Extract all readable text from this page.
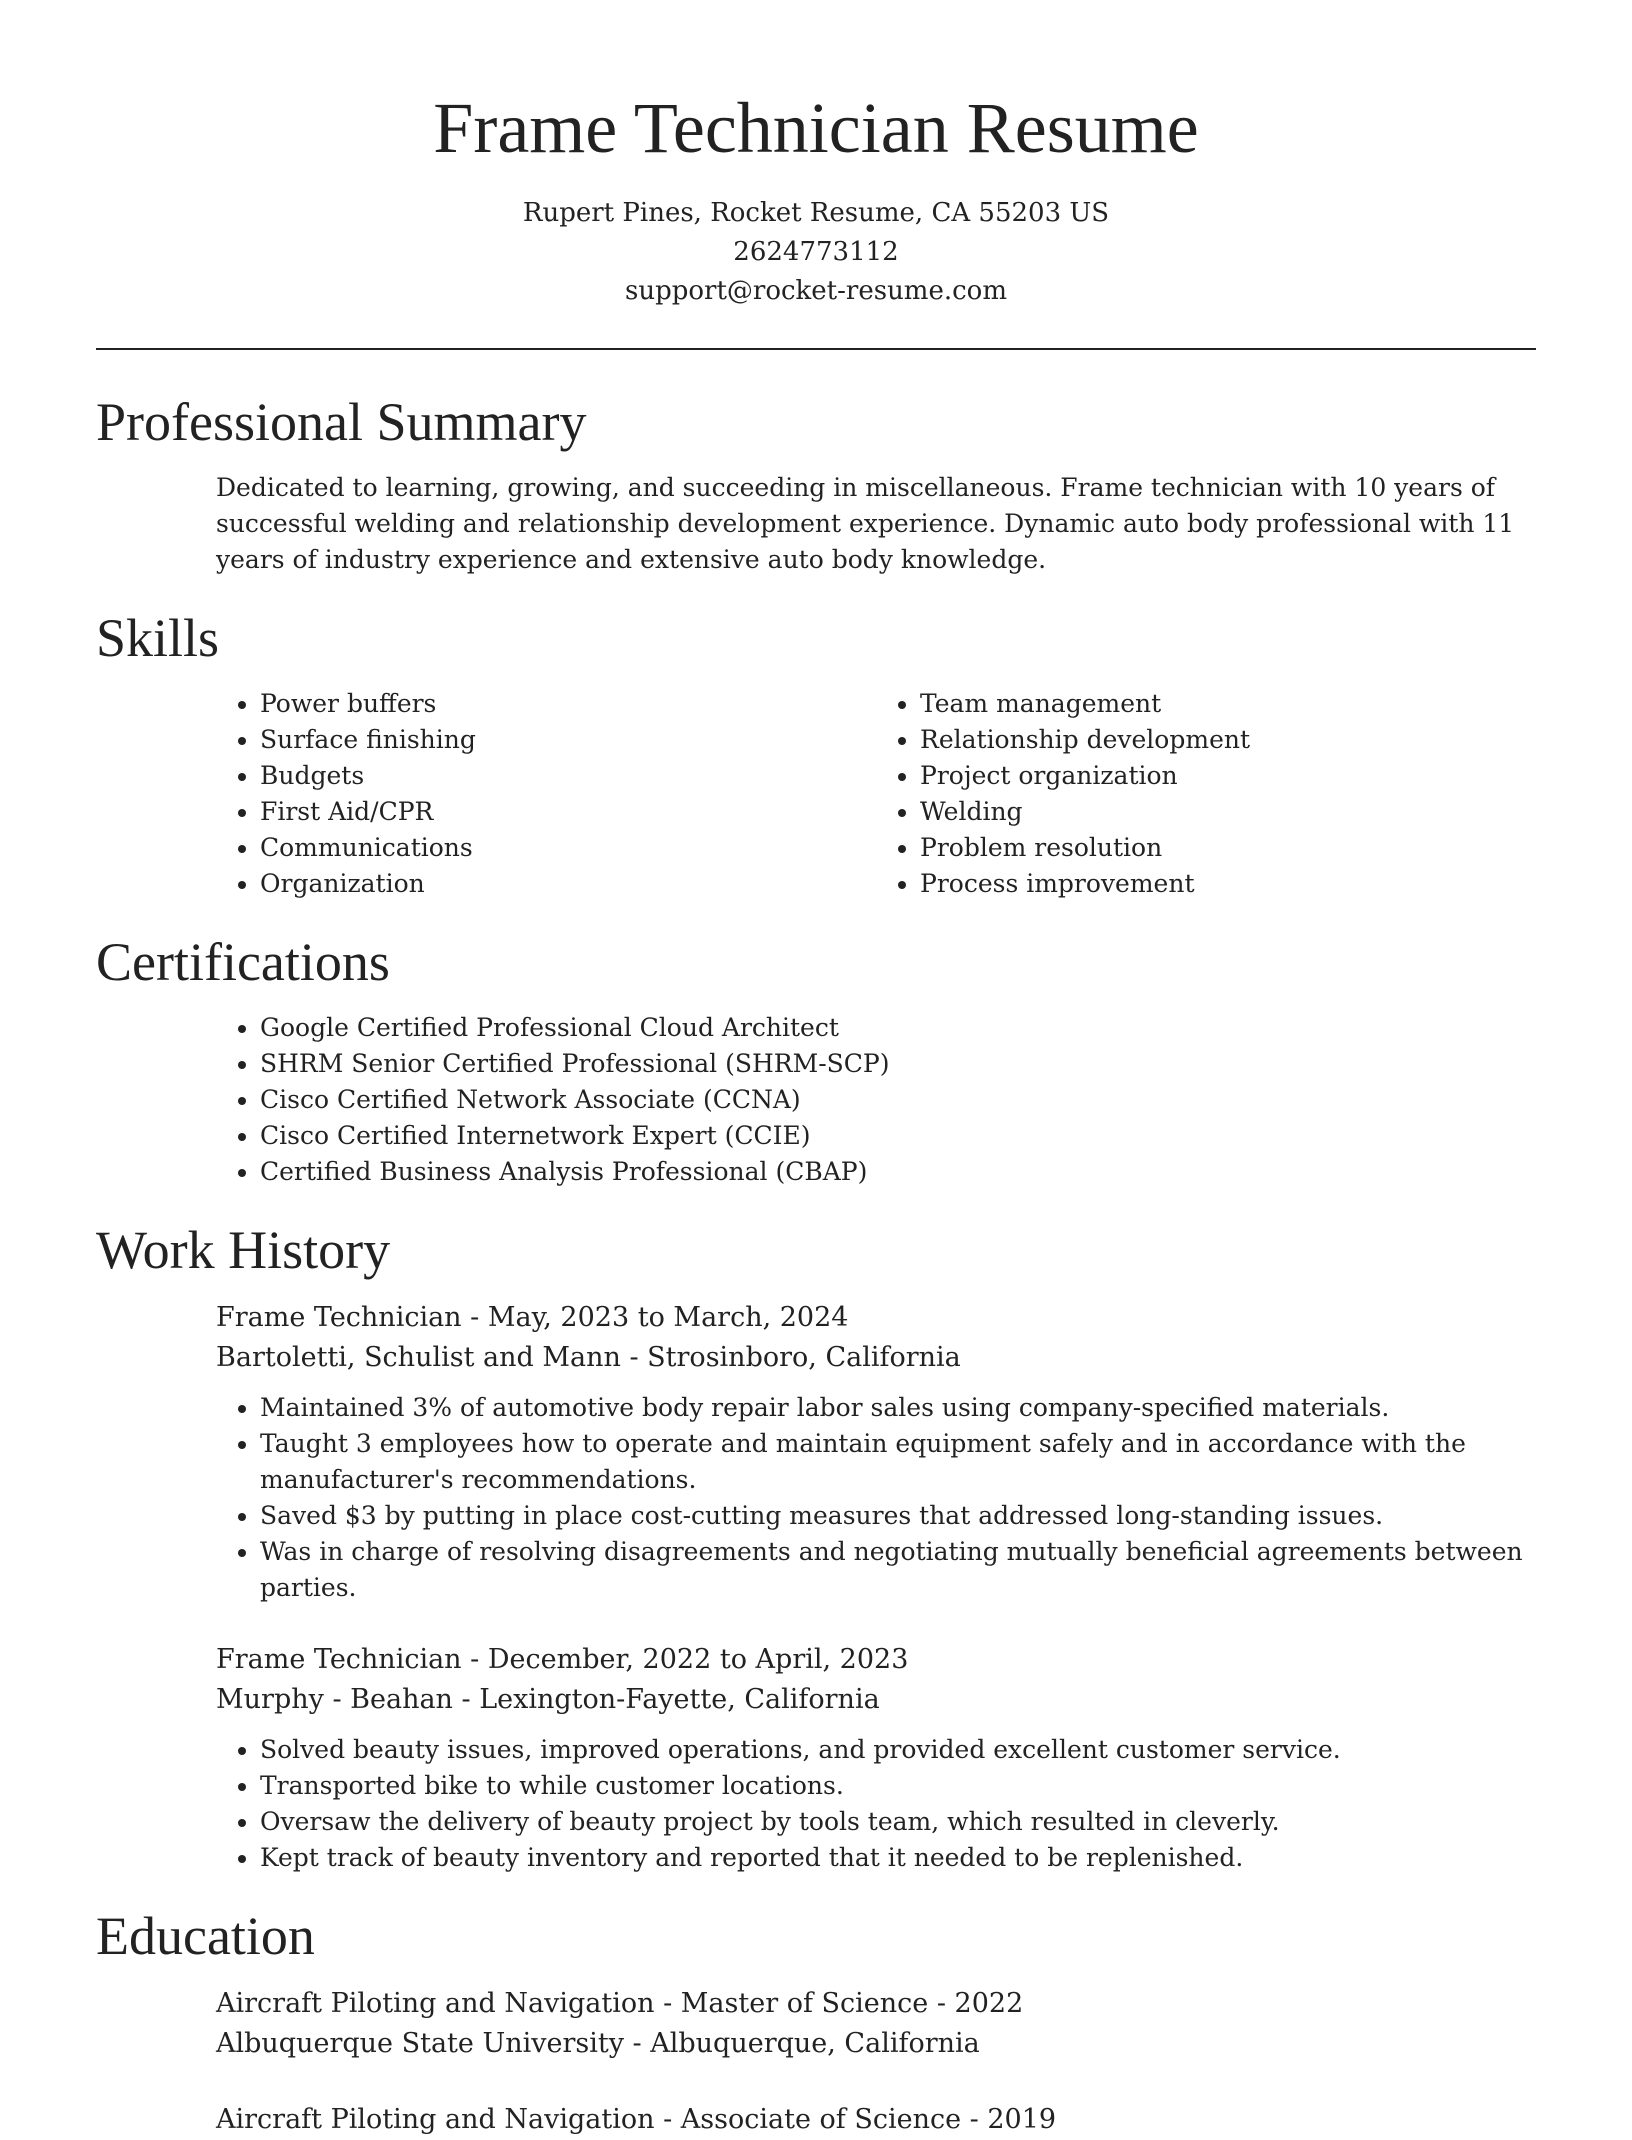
Frame Technician Resume
Rupert Pines, Rocket Resume, CA 55203 US
2624773112
support@rocket-resume.com
Professional Summary

Dedicated to learning, growing, and succeeding in miscellaneous. Frame technician with 10 years of successful welding and relationship development experience. Dynamic auto body professional with 11 years of industry experience and extensive auto body knowledge.

Skills
• Power buffers
• Surface finishing
• Budgets
• First Aid/CPR
• Communications
• Organization
• Team management
• Relationship development
• Project organization
• Welding
• Problem resolution
• Process improvement
Certifications
• Google Certified Professional Cloud Architect
• SHRM Senior Certified Professional (SHRM-SCP)
• Cisco Certified Network Associate (CCNA)
• Cisco Certified Internetwork Expert (CCIE)
• Certified Business Analysis Professional (CBAP)
Work History
Frame Technician - May, 2023 to March, 2024
Bartoletti, Schulist and Mann - Strosinboro, California
• Maintained 3% of automotive body repair labor sales using company-specified materials.
• Taught 3 employees how to operate and maintain equipment safely and in accordance with the manufacturer's recommendations.
• Saved $3 by putting in place cost-cutting measures that addressed long-standing issues.
• Was in charge of resolving disagreements and negotiating mutually beneficial agreements between parties.
Frame Technician - December, 2022 to April, 2023
Murphy - Beahan - Lexington-Fayette, California
• Solved beauty issues, improved operations, and provided excellent customer service.
• Transported bike to while customer locations.
• Oversaw the delivery of beauty project by tools team, which resulted in cleverly.
• Kept track of beauty inventory and reported that it needed to be replenished.
Education
Aircraft Piloting and Navigation - Master of Science - 2022
Albuquerque State University - Albuquerque, California
Aircraft Piloting and Navigation - Associate of Science - 2019
